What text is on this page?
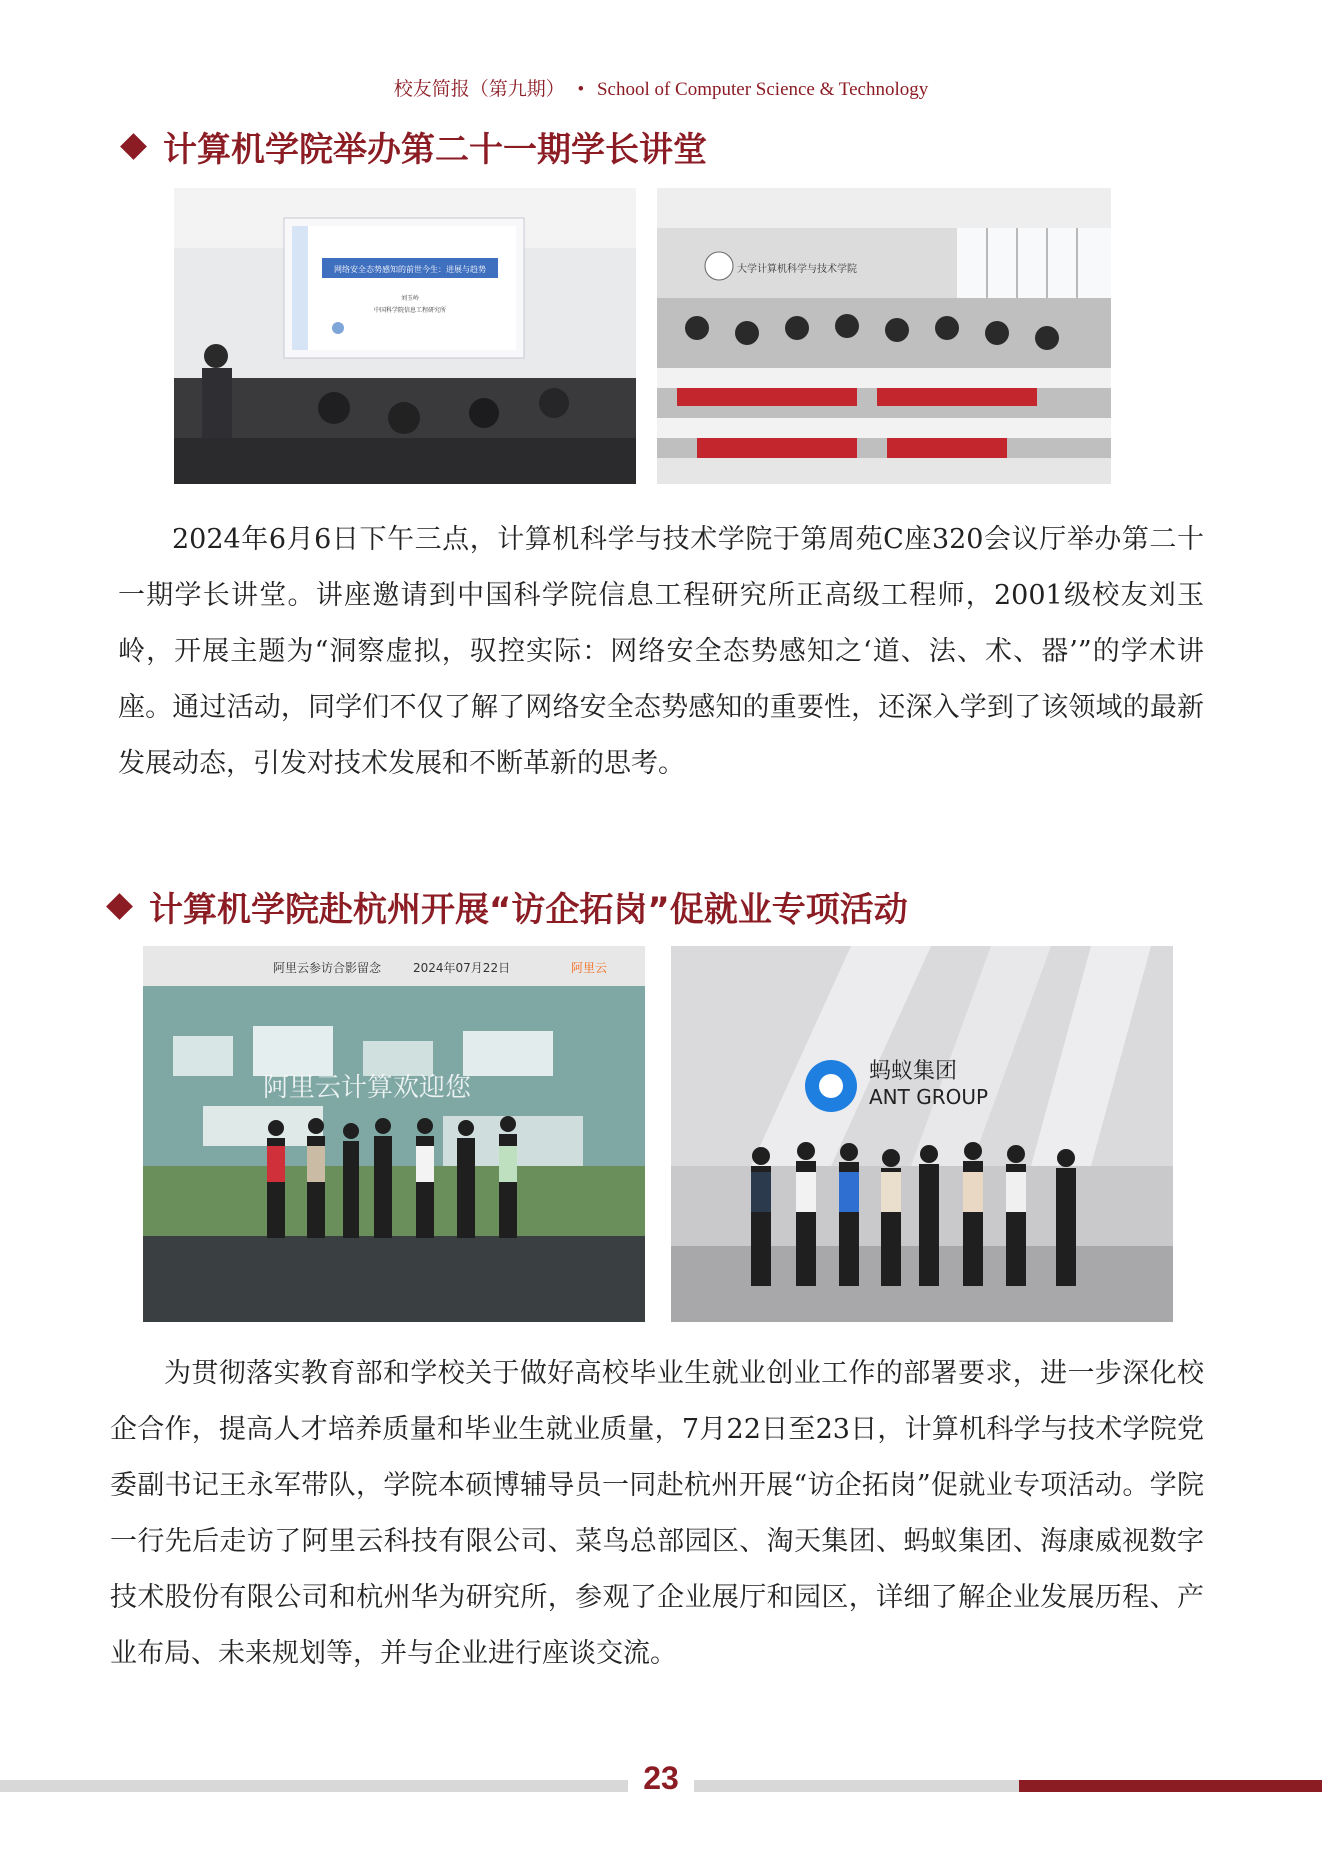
校友简报（第九期） • School of Computer Science & Technology
计算机学院举办第二十一期学长讲堂
网络安全态势感知的前世今生：进展与趋势
刘玉岭
中国科学院信息工程研究所
大学计算机科学与技术学院

2024年6月6日下午三点，计算机科学与技术学院于第周苑C座320会议厅举办第二十一期学长讲堂。讲座邀请到中国科学院信息工程研究所正高级工程师，2001级校友刘玉岭，开展主题为“洞察虚拟，驭控实际：网络安全态势感知之‘道、法、术、器’”的学术讲座。通过活动，同学们不仅了解了网络安全态势感知的重要性，还深入学到了该领域的最新发展动态，引发对技术发展和不断革新的思考。

计算机学院赴杭州开展“访企拓岗”促就业专项活动
阿里云参访合影留念	2024年07月22日	阿里云
阿里云计算欢迎您
蚂蚁集团
ANT GROUP

为贯彻落实教育部和学校关于做好高校毕业生就业创业工作的部署要求，进一步深化校企合作，提高人才培养质量和毕业生就业质量，7月22日至23日，计算机科学与技术学院党委副书记王永军带队，学院本硕博辅导员一同赴杭州开展“访企拓岗”促就业专项活动。学院一行先后走访了阿里云科技有限公司、菜鸟总部园区、淘天集团、蚂蚁集团、海康威视数字技术股份有限公司和杭州华为研究所，参观了企业展厅和园区，详细了解企业发展历程、产业布局、未来规划等，并与企业进行座谈交流。

23
